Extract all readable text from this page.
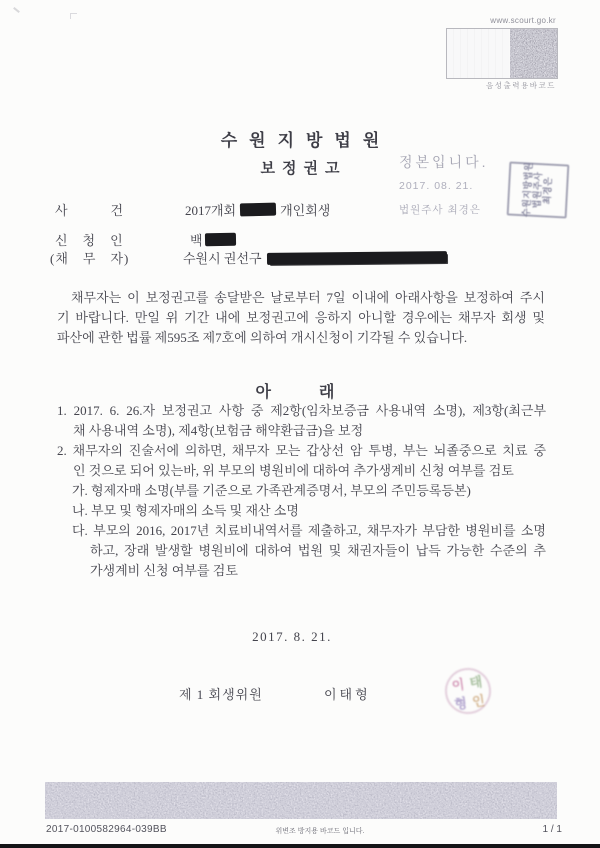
www.scourt.go.kr
음성출력용바코드
수원지방법원
보정권고	정본입니다.
2017. 08. 21.
법원주사 최경은	수원지방법원
법원주사
최경은
사　　　건	2017개회	개인회생
신　청　인	백
(채　무　자)	수원시 권선구
채무자는 이 보정권고를 송달받은 날로부터 7일 이내에 아래사항을 보정하여 주시
기 바랍니다. 만일 위 기간 내에 보정권고에 응하지 아니할 경우에는 채무자 회생 및
파산에 관한 법률 제595조 제7호에 의하여 개시신청이 기각될 수 있습니다.
아　　　래
1. 2017. 6. 26.자 보정권고 사항 중 제2항(임차보증금 사용내역 소명), 제3항(최근부
채 사용내역 소명), 제4항(보험금 해약환급금)을 보정
2. 채무자의 진술서에 의하면, 채무자 모는 갑상선 암 투병, 부는 뇌졸중으로 치료 중
인 것으로 되어 있는바, 위 부모의 병원비에 대하여 추가생계비 신청 여부를 검토
가. 형제자매 소명(부를 기준으로 가족관계증명서, 부모의 주민등록등본)
나. 부모 및 형제자매의 소득 및 재산 소명
다. 부모의 2016, 2017년 치료비내역서를 제출하고, 채무자가 부담한 병원비를 소명
하고, 장래 발생할 병원비에 대하여 법원 및 채권자들이 납득 가능한 수준의 추
가생계비 신청 여부를 검토
2017. 8. 21.
제 1 회생위원	이태형
이 태
형 인
2017-0100582964-039BB	위변조 방지용 바코드 입니다.	1 / 1
